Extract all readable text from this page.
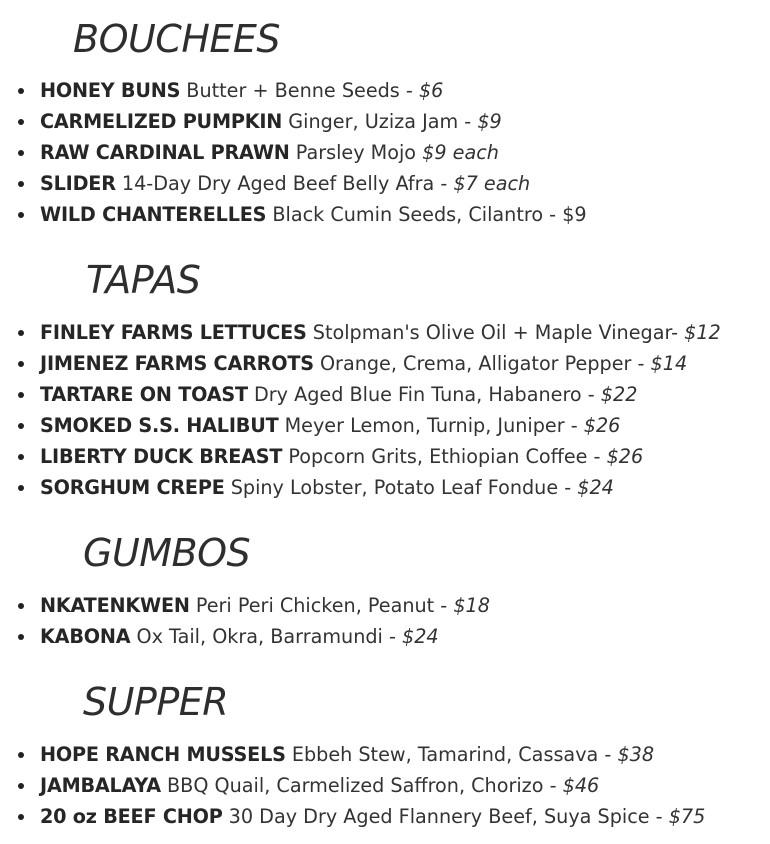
BOUCHEES
HONEY BUNS Butter + Benne Seeds - $6
CARMELIZED PUMPKIN Ginger, Uziza Jam - $9
RAW CARDINAL PRAWN Parsley Mojo $9 each
SLIDER 14-Day Dry Aged Beef Belly Afra - $7 each
WILD CHANTERELLES Black Cumin Seeds, Cilantro - $9
TAPAS
FINLEY FARMS LETTUCES Stolpman's Olive Oil + Maple Vinegar- $12
JIMENEZ FARMS CARROTS Orange, Crema, Alligator Pepper - $14
TARTARE ON TOAST Dry Aged Blue Fin Tuna, Habanero - $22
SMOKED S.S. HALIBUT Meyer Lemon, Turnip, Juniper - $26
LIBERTY DUCK BREAST Popcorn Grits, Ethiopian Coffee - $26
SORGHUM CREPE Spiny Lobster, Potato Leaf Fondue - $24
GUMBOS
NKATENKWEN Peri Peri Chicken, Peanut - $18
KABONA Ox Tail, Okra, Barramundi - $24
SUPPER
HOPE RANCH MUSSELS Ebbeh Stew, Tamarind, Cassava - $38
JAMBALAYA BBQ Quail, Carmelized Saffron, Chorizo - $46
20 oz BEEF CHOP 30 Day Dry Aged Flannery Beef, Suya Spice - $75
